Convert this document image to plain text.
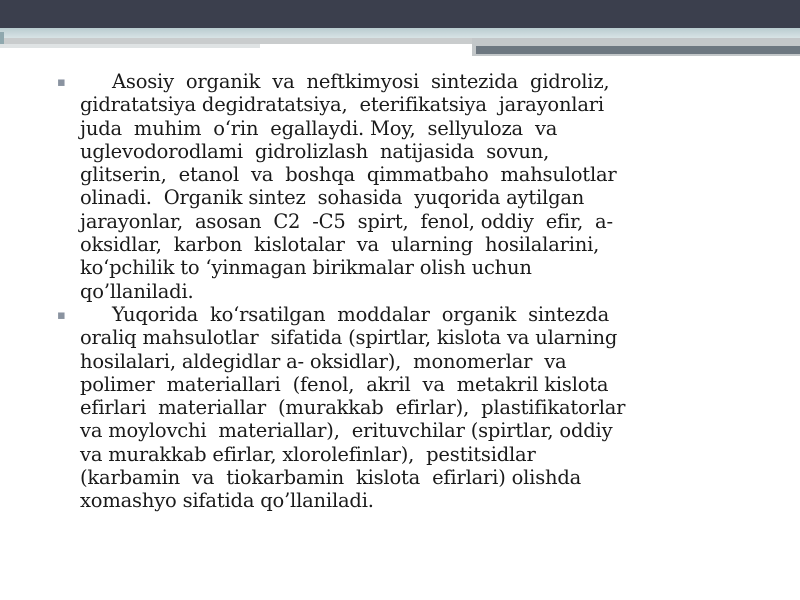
▪	Asosiy  organik  va  neftkimyosi  sintezida  gidroliz,
gidratatsiya degidratatsiya,  eterifikatsiya  jarayonlari
juda  muhim  o‘rin  egallaydi. Moy,  sellyuloza  va
uglevodorodlami  gidrolizlash  natijasida  sovun,
glitserin,  etanol  va  boshqa  qimmatbaho  mahsulotlar
olinadi.  Organik sintez  sohasida  yuqorida aytilgan
jarayonlar,  asosan  C2  -C5  spirt,  fenol, oddiy  efir,  a-
oksidlar,  karbon  kislotalar  va  ularning  hosilalarini,
ko‘pchilik to ‘yinmagan birikmalar olish uchun
qo’llaniladi.
▪	Yuqorida  ko‘rsatilgan  moddalar  organik  sintezda
oraliq mahsulotlar  sifatida (spirtlar, kislota va ularning
hosilalari, aldegidlar a- oksidlar),  monomerlar  va
polimer  materiallari  (fenol,  akril  va  metakril kislota
efirlari  materiallar  (murakkab  efirlar),  plastifikatorlar
va moylovchi  materiallar),  erituvchilar (spirtlar, oddiy
va murakkab efirlar, xlorolefinlar),  pestitsidlar
(karbamin  va  tiokarbamin  kislota  efirlari) olishda
xomashyo sifatida qo’llaniladi.
